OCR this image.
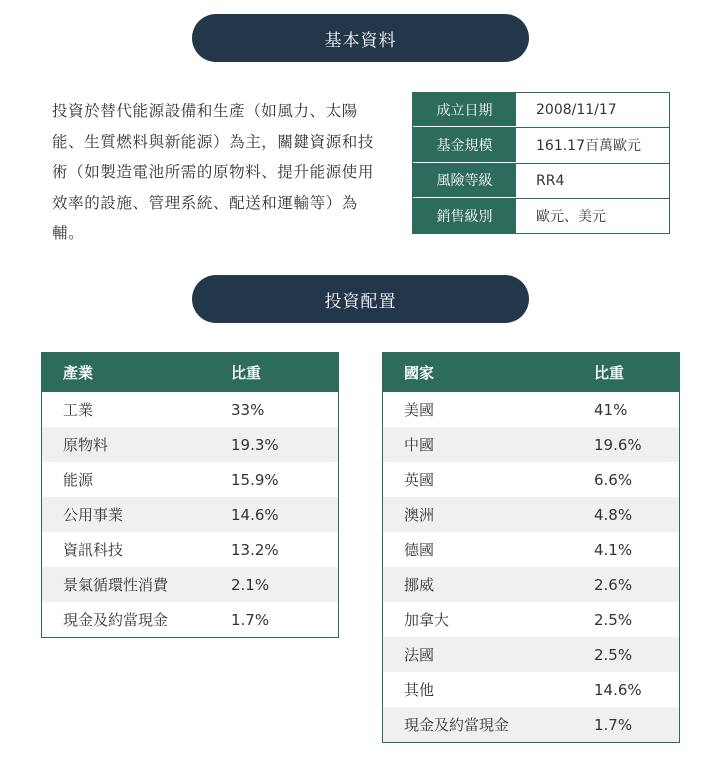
基本資料
投資於替代能源設備和生產（如風力、太陽能、生質燃料與新能源）為主，關鍵資源和技術（如製造電池所需的原物料、提升能源使用效率的設施、管理系統、配送和運輸等）為輔。
成立日期	2008/11/17
基金規模	161.17百萬歐元
風險等級	RR4
銷售級別	歐元、美元
投資配置
產業	比重
工業	33%
原物料	19.3%
能源	15.9%
公用事業	14.6%
資訊科技	13.2%
景氣循環性消費	2.1%
現金及約當現金	1.7%
國家	比重
美國	41%
中國	19.6%
英國	6.6%
澳洲	4.8%
德國	4.1%
挪威	2.6%
加拿大	2.5%
法國	2.5%
其他	14.6%
現金及約當現金	1.7%
